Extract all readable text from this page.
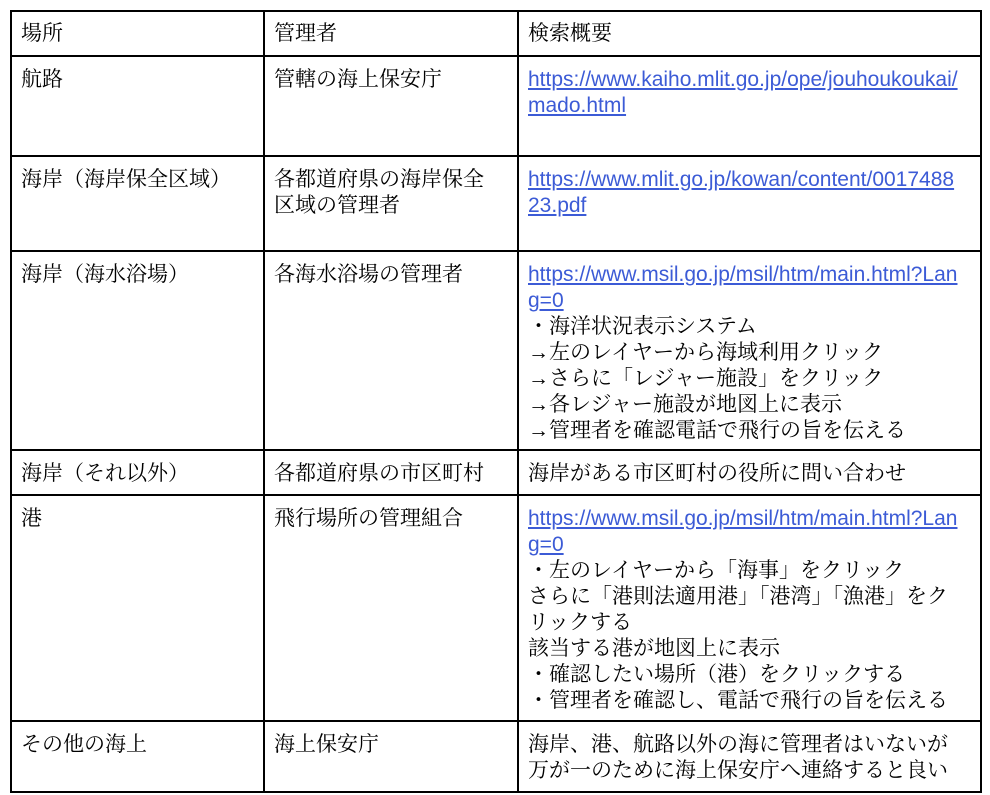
場所	管理者	検索概要
航路	管轄の海上保安庁	https://www.kaiho.mlit.go.jp/ope/jouhoukoukai/mado.html

海岸（海岸保全区域）	各都道府県の海岸保全区域の管理者	https://www.mlit.go.jp/kowan/content/001748823.pdf

海岸（海水浴場）	各海水浴場の管理者	https://www.msil.go.jp/msil/htm/main.html?Lang=0
・海洋状況表示システム
→左のレイヤーから海域利用クリック
→さらに「レジャー施設」をクリック
→各レジャー施設が地図上に表示
→管理者を確認電話で飛行の旨を伝える

海岸（それ以外）	各都道府県の市区町村	海岸がある市区町村の役所に問い合わせ

港	飛行場所の管理組合	https://www.msil.go.jp/msil/htm/main.html?Lang=0
・左のレイヤーから「海事」をクリック
さらに「港則法適用港」「港湾」「漁港」をクリックする
該当する港が地図上に表示
・確認したい場所（港）をクリックする
・管理者を確認し、電話で飛行の旨を伝える

その他の海上	海上保安庁	海岸、港、航路以外の海に管理者はいないが万が一のために海上保安庁へ連絡すると良い
